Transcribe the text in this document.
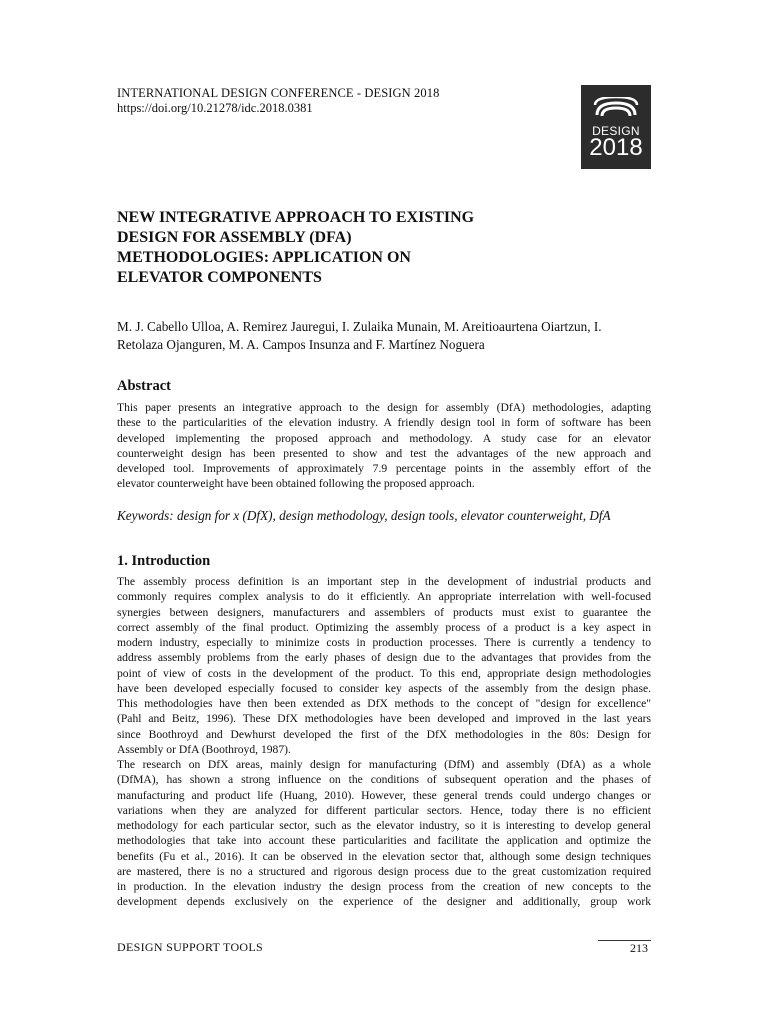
INTERNATIONAL DESIGN CONFERENCE - DESIGN 2018
https://doi.org/10.21278/idc.2018.0381
DESIGN
2018
NEW INTEGRATIVE APPROACH TO EXISTING
DESIGN FOR ASSEMBLY (DFA)
METHODOLOGIES: APPLICATION ON
ELEVATOR COMPONENTS

M. J. Cabello Ulloa, A. Remirez Jauregui, I. Zulaika Munain, M. Areitioaurtena Oiartzun, I.
Retolaza Ojanguren, M. A. Campos Insunza and F. Martínez Noguera

Abstract

This paper presents an integrative approach to the design for assembly (DfA) methodologies, adapting
these to the particularities of the elevation industry. A friendly design tool in form of software has been
developed implementing the proposed approach and methodology. A study case for an elevator
counterweight design has been presented to show and test the advantages of the new approach and
developed tool. Improvements of approximately 7.9 percentage points in the assembly effort of the
elevator counterweight have been obtained following the proposed approach.

Keywords: design for x (DfX), design methodology, design tools, elevator counterweight, DfA

1. Introduction

The assembly process definition is an important step in the development of industrial products and
commonly requires complex analysis to do it efficiently. An appropriate interrelation with well-focused
synergies between designers, manufacturers and assemblers of products must exist to guarantee the
correct assembly of the final product. Optimizing the assembly process of a product is a key aspect in
modern industry, especially to minimize costs in production processes. There is currently a tendency to
address assembly problems from the early phases of design due to the advantages that provides from the
point of view of costs in the development of the product. To this end, appropriate design methodologies
have been developed especially focused to consider key aspects of the assembly from the design phase.
This methodologies have then been extended as DfX methods to the concept of "design for excellence"
(Pahl and Beitz, 1996). These DfX methodologies have been developed and improved in the last years
since Boothroyd and Dewhurst developed the first of the DfX methodologies in the 80s: Design for
Assembly or DfA (Boothroyd, 1987).
The research on DfX areas, mainly design for manufacturing (DfM) and assembly (DfA) as a whole
(DfMA), has shown a strong influence on the conditions of subsequent operation and the phases of
manufacturing and product life (Huang, 2010). However, these general trends could undergo changes or
variations when they are analyzed for different particular sectors. Hence, today there is no efficient
methodology for each particular sector, such as the elevator industry, so it is interesting to develop general
methodologies that take into account these particularities and facilitate the application and optimize the
benefits (Fu et al., 2016). It can be observed in the elevation sector that, although some design techniques
are mastered, there is no a structured and rigorous design process due to the great customization required
in production. In the elevation industry the design process from the creation of new concepts to the
development depends exclusively on the experience of the designer and additionally, group work

DESIGN SUPPORT TOOLS	213
